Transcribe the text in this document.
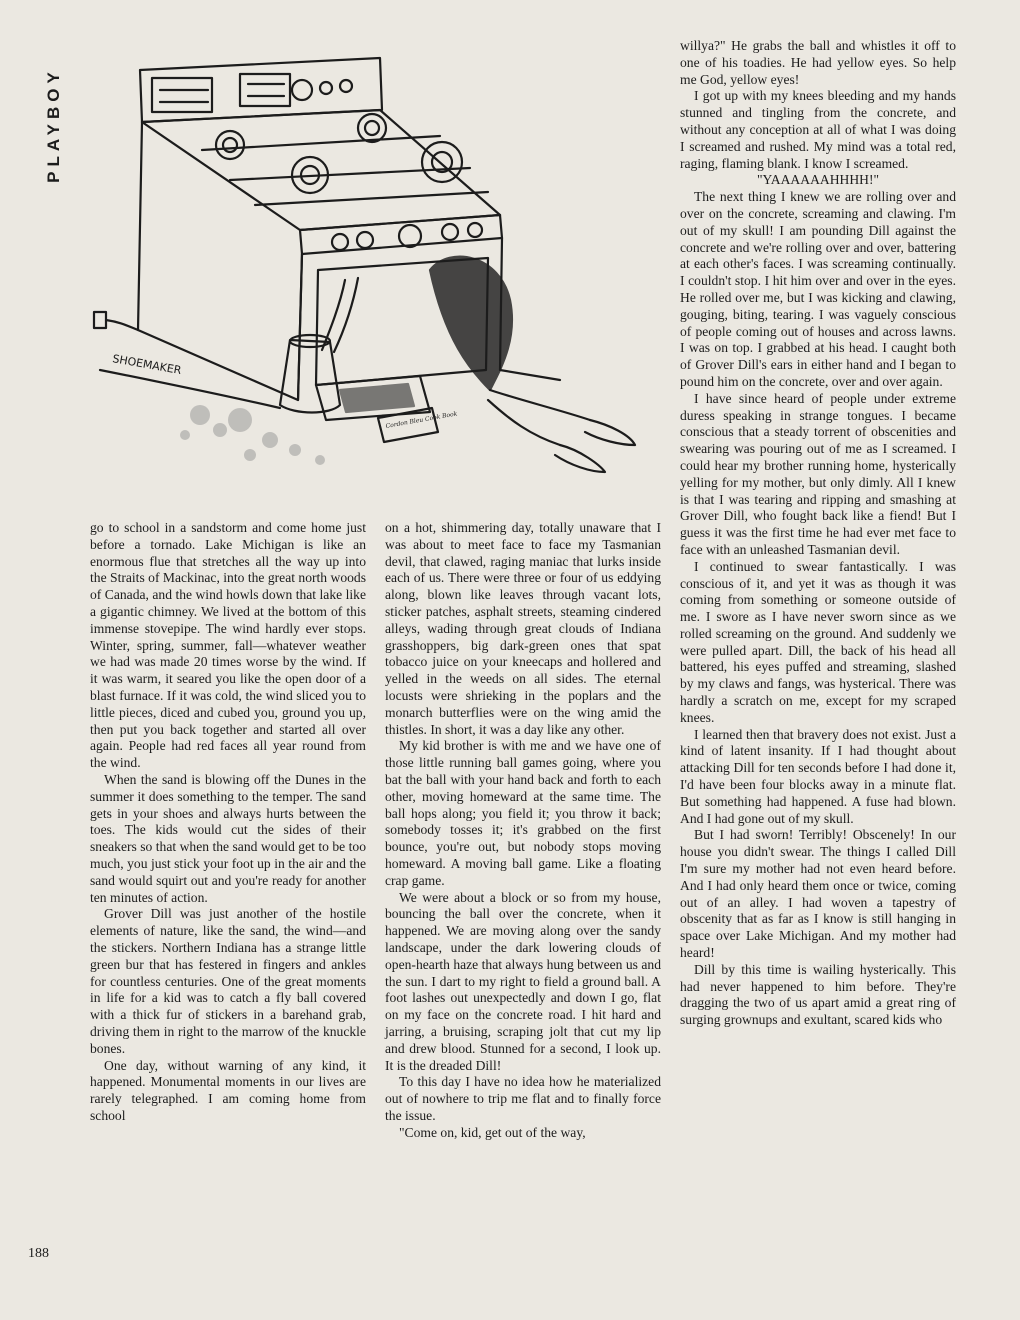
PLAYBOY
SHOEMAKER
Cordon Bleu Cook Book

go to school in a sandstorm and come home just before a tornado. Lake Michigan is like an enormous flue that stretches all the way up into the Straits of Mackinac, into the great north woods of Canada, and the wind howls down that lake like a gigantic chimney. We lived at the bottom of this immense stovepipe. The wind hardly ever stops. Winter, spring, summer, fall—whatever weather we had was made 20 times worse by the wind. If it was warm, it seared you like the open door of a blast furnace. If it was cold, the wind sliced you to little pieces, diced and cubed you, ground you up, then put you back together and started all over again. People had red faces all year round from the wind.

When the sand is blowing off the Dunes in the summer it does something to the temper. The sand gets in your shoes and always hurts between the toes. The kids would cut the sides of their sneakers so that when the sand would get to be too much, you just stick your foot up in the air and the sand would squirt out and you're ready for another ten minutes of action.

Grover Dill was just another of the hostile elements of nature, like the sand, the wind—and the stickers. Northern Indiana has a strange little green bur that has festered in fingers and ankles for countless centuries. One of the great moments in life for a kid was to catch a fly ball covered with a thick fur of stickers in a barehand grab, driving them in right to the marrow of the knuckle bones.

One day, without warning of any kind, it happened. Monumental moments in our lives are rarely telegraphed. I am coming home from school

on a hot, shimmering day, totally unaware that I was about to meet face to face my Tasmanian devil, that clawed, raging maniac that lurks inside each of us. There were three or four of us eddying along, blown like leaves through vacant lots, sticker patches, asphalt streets, steaming cindered alleys, wading through great clouds of Indiana grasshoppers, big dark-green ones that spat tobacco juice on your kneecaps and hollered and yelled in the weeds on all sides. The eternal locusts were shrieking in the poplars and the monarch butterflies were on the wing amid the thistles. In short, it was a day like any other.

My kid brother is with me and we have one of those little running ball games going, where you bat the ball with your hand back and forth to each other, moving homeward at the same time. The ball hops along; you field it; you throw it back; somebody tosses it; it's grabbed on the first bounce, you're out, but nobody stops moving homeward. A moving ball game. Like a floating crap game.

We were about a block or so from my house, bouncing the ball over the concrete, when it happened. We are moving along over the sandy landscape, under the dark lowering clouds of open-hearth haze that always hung between us and the sun. I dart to my right to field a ground ball. A foot lashes out unexpectedly and down I go, flat on my face on the concrete road. I hit hard and jarring, a bruising, scraping jolt that cut my lip and drew blood. Stunned for a second, I look up. It is the dreaded Dill!

To this day I have no idea how he materialized out of nowhere to trip me flat and to finally force the issue.

"Come on, kid, get out of the way,

willya?" He grabs the ball and whistles it off to one of his toadies. He had yellow eyes. So help me God, yellow eyes!

I got up with my knees bleeding and my hands stunned and tingling from the concrete, and without any conception at all of what I was doing I screamed and rushed. My mind was a total red, raging, flaming blank. I know I screamed.

"YAAAAAAHHHH!"

The next thing I knew we are rolling over and over on the concrete, screaming and clawing. I'm out of my skull! I am pounding Dill against the concrete and we're rolling over and over, battering at each other's faces. I was screaming continually. I couldn't stop. I hit him over and over in the eyes. He rolled over me, but I was kicking and clawing, gouging, biting, tearing. I was vaguely conscious of people coming out of houses and across lawns. I was on top. I grabbed at his head. I caught both of Grover Dill's ears in either hand and I began to pound him on the concrete, over and over again.

I have since heard of people under extreme duress speaking in strange tongues. I became conscious that a steady torrent of obscenities and swearing was pouring out of me as I screamed. I could hear my brother running home, hysterically yelling for my mother, but only dimly. All I knew is that I was tearing and ripping and smashing at Grover Dill, who fought back like a fiend! But I guess it was the first time he had ever met face to face with an unleashed Tasmanian devil.

I continued to swear fantastically. I was conscious of it, and yet it was as though it was coming from something or someone outside of me. I swore as I have never sworn since as we rolled screaming on the ground. And suddenly we were pulled apart. Dill, the back of his head all battered, his eyes puffed and streaming, slashed by my claws and fangs, was hysterical. There was hardly a scratch on me, except for my scraped knees.

I learned then that bravery does not exist. Just a kind of latent insanity. If I had thought about attacking Dill for ten seconds before I had done it, I'd have been four blocks away in a minute flat. But something had happened. A fuse had blown. And I had gone out of my skull.

But I had sworn! Terribly! Obscenely! In our house you didn't swear. The things I called Dill I'm sure my mother had not even heard before. And I had only heard them once or twice, coming out of an alley. I had woven a tapestry of obscenity that as far as I know is still hanging in space over Lake Michigan. And my mother had heard!

Dill by this time is wailing hysterically. This had never happened to him before. They're dragging the two of us apart amid a great ring of surging grownups and exultant, scared kids who

188
